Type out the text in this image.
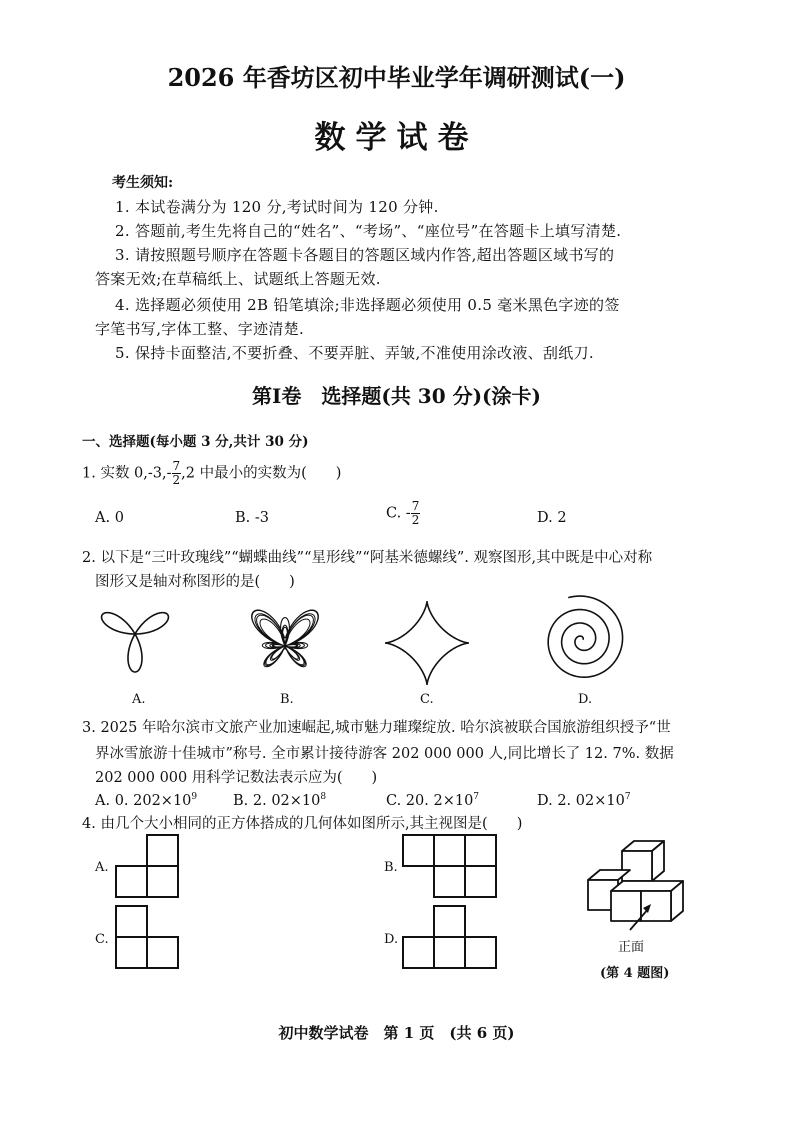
2026 年香坊区初中毕业学年调研测试(一)
数学试卷
考生须知:
1. 本试卷满分为 120 分,考试时间为 120 分钟.
2. 答题前,考生先将自己的“姓名”、“考场”、“座位号”在答题卡上填写清楚.
3. 请按照题号顺序在答题卡各题目的答题区域内作答,超出答题区域书写的
答案无效;在草稿纸上、试题纸上答题无效.
4. 选择题必须使用 2B 铅笔填涂;非选择题必须使用 0.5 毫米黑色字迹的签
字笔书写,字体工整、字迹清楚.
5. 保持卡面整洁,不要折叠、不要弄脏、弄皱,不准使用涂改液、刮纸刀.
第Ⅰ卷　选择题(共 30 分)(涂卡)
一、选择题(每小题 3 分,共计 30 分)
1. 实数 $0,-3,- \frac{7}{2} ,2$ 中最小的实数为(　　)
A. 0	B. -3	C. - $\frac{7}{2}$	D. 2
2. 以下是“三叶玫瑰线”“蝴蝶曲线”“星形线”“阿基米德螺线”. 观察图形,其中既是中心对称
图形又是轴对称图形的是(　　)
A.	B.	C.	D.
3. 2025 年哈尔滨市文旅产业加速崛起,城市魅力璀璨绽放. 哈尔滨被联合国旅游组织授予“世
界冰雪旅游十佳城市”称号. 全市累计接待游客 202 000 000 人,同比增长了 12. 7%. 数据
202 000 000 用科学记数法表示应为(　　)
A. 0. $202\times 10^9$ B. 2. $02\times 10^8$	C. 20. $2\times 10^7$	D. 2. $02\times 10^7$
4. 由几个大小相同的正方体搭成的几何体如图所示,其主视图是(　　)
A.	B.
C.	D.
正面
(第 4 题图)
初中数学试卷　第 1 页　(共 6 页)
